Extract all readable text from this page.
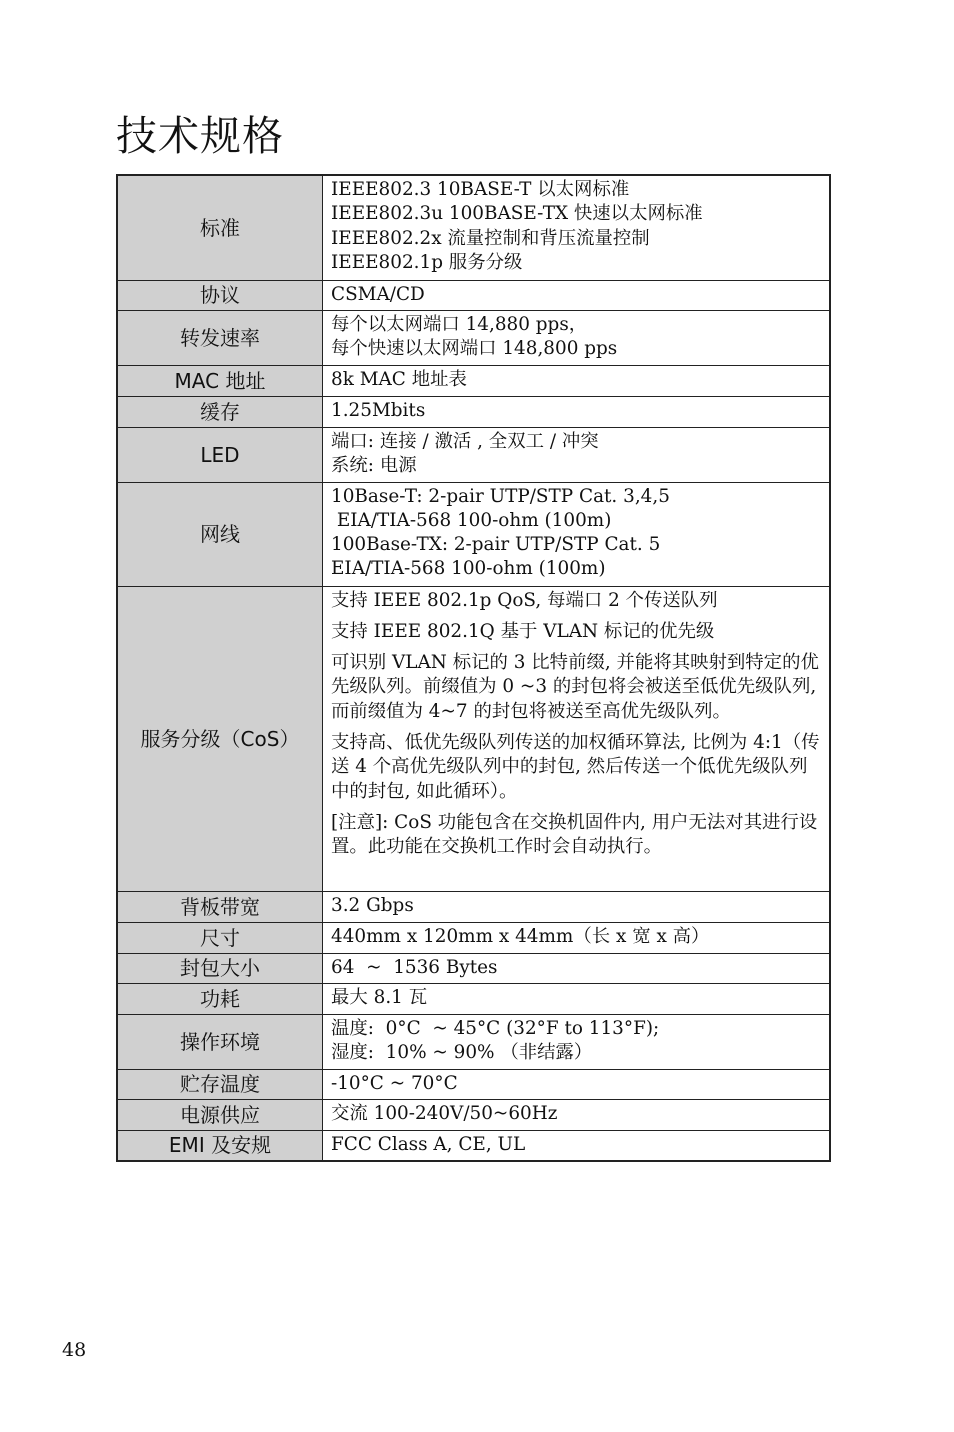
技术规格
标准	IEEE802.3 10BASE-T 以太网标准
IEEE802.3u 100BASE-TX 快速以太网标准
IEEE802.2x 流量控制和背压流量控制
IEEE802.1p 服务分级

协议	CSMA/CD

转发速率	每个以太网端口 14,880 pps，
每个快速以太网端口 148,800 pps

MAC 地址	8k MAC 地址表

缓存	1.25Mbits

LED	端口: 连接 / 激活 , 全双工 / 冲突
系统: 电源

网线	10Base-T: 2-pair UTP/STP Cat. 3,4,5
EIA/TIA-568 100-ohm (100m)
100Base-TX: 2-pair UTP/STP Cat. 5
EIA/TIA-568 100-ohm (100m)

服务分级（CoS）	支持 IEEE 802.1p QoS, 每端口 2 个传送队列
支持 IEEE 802.1Q 基于 VLAN 标记的优先级
可识别 VLAN 标记的 3 比特前缀, 并能将其映射到特定的优先级队列。前缀值为 0 ~3 的封包将会被送至低优先级队列, 而前缀值为 4~7 的封包将被送至高优先级队列。
支持高、低优先级队列传送的加权循环算法, 比例为 4:1（传送 4 个高优先级队列中的封包, 然后传送一个低优先级队列中的封包, 如此循环）。
[注意]: CoS 功能包含在交换机固件内, 用户无法对其进行设置。此功能在交换机工作时会自动执行。

背板带宽	3.2 Gbps

尺寸	440mm x 120mm x 44mm（长 x 宽 x 高）

封包大小	64  ~  1536 Bytes

功耗	最大 8.1 瓦

操作环境	温度:  0°C  ~ 45°C (32°F to 113°F);
湿度:  10% ~ 90% （非结露）

贮存温度	-10°C ~ 70°C

电源供应	交流 100-240V/50~60Hz

EMI 及安规	FCC Class A, CE, UL
48
